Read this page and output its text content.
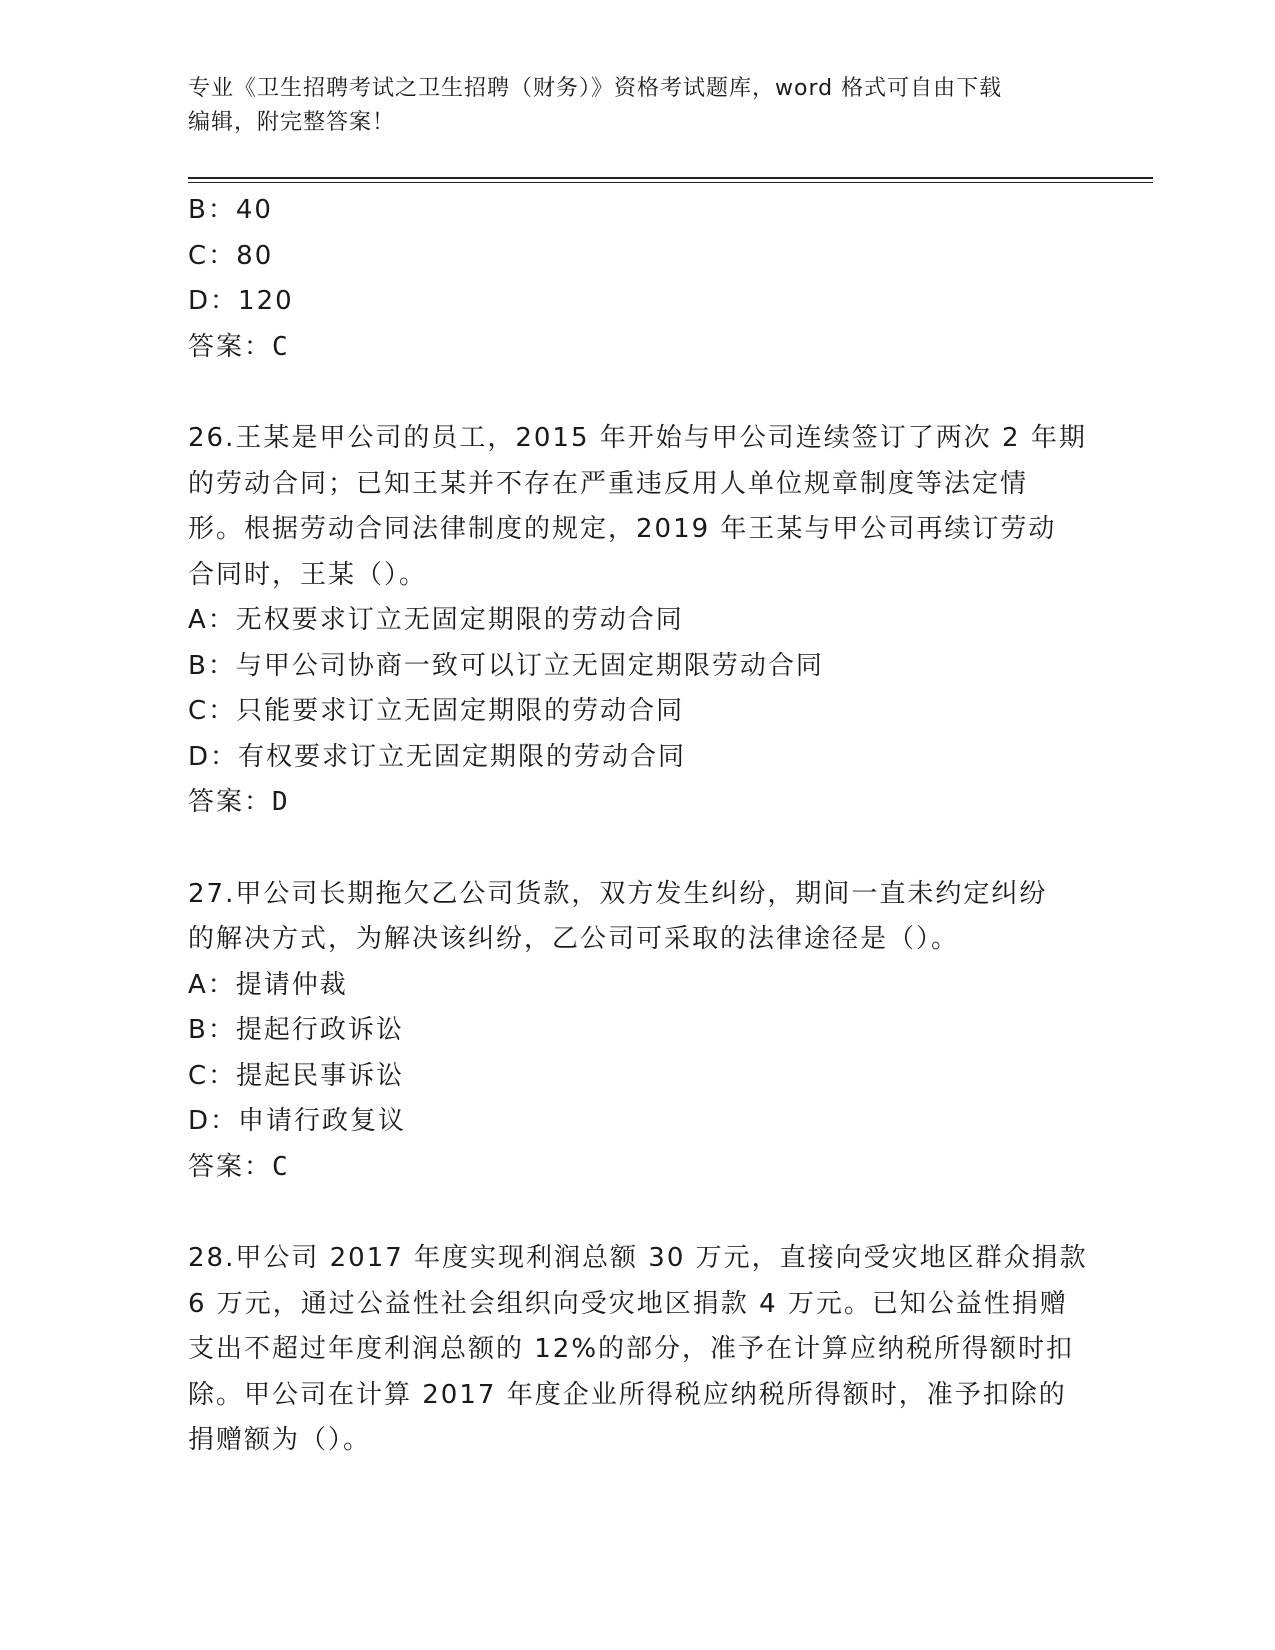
专业《卫生招聘考试之卫生招聘（财务）》资格考试题库，word 格式可自由下载
编辑，附完整答案！
B：40
C：80
D：120
答案：C
26.王某是甲公司的员工，2015 年开始与甲公司连续签订了两次 2 年期
的劳动合同；已知王某并不存在严重违反用人单位规章制度等法定情
形。根据劳动合同法律制度的规定，2019 年王某与甲公司再续订劳动
合同时，王某（）。
A：无权要求订立无固定期限的劳动合同
B：与甲公司协商一致可以订立无固定期限劳动合同
C：只能要求订立无固定期限的劳动合同
D：有权要求订立无固定期限的劳动合同
答案：D
27.甲公司长期拖欠乙公司货款，双方发生纠纷，期间一直未约定纠纷
的解决方式，为解决该纠纷，乙公司可采取的法律途径是（）。
A：提请仲裁
B：提起行政诉讼
C：提起民事诉讼
D：申请行政复议
答案：C
28.甲公司 2017 年度实现利润总额 30 万元，直接向受灾地区群众捐款
6 万元，通过公益性社会组织向受灾地区捐款 4 万元。已知公益性捐赠
支出不超过年度利润总额的 12%的部分，准予在计算应纳税所得额时扣
除。甲公司在计算 2017 年度企业所得税应纳税所得额时，准予扣除的
捐赠额为（）。
